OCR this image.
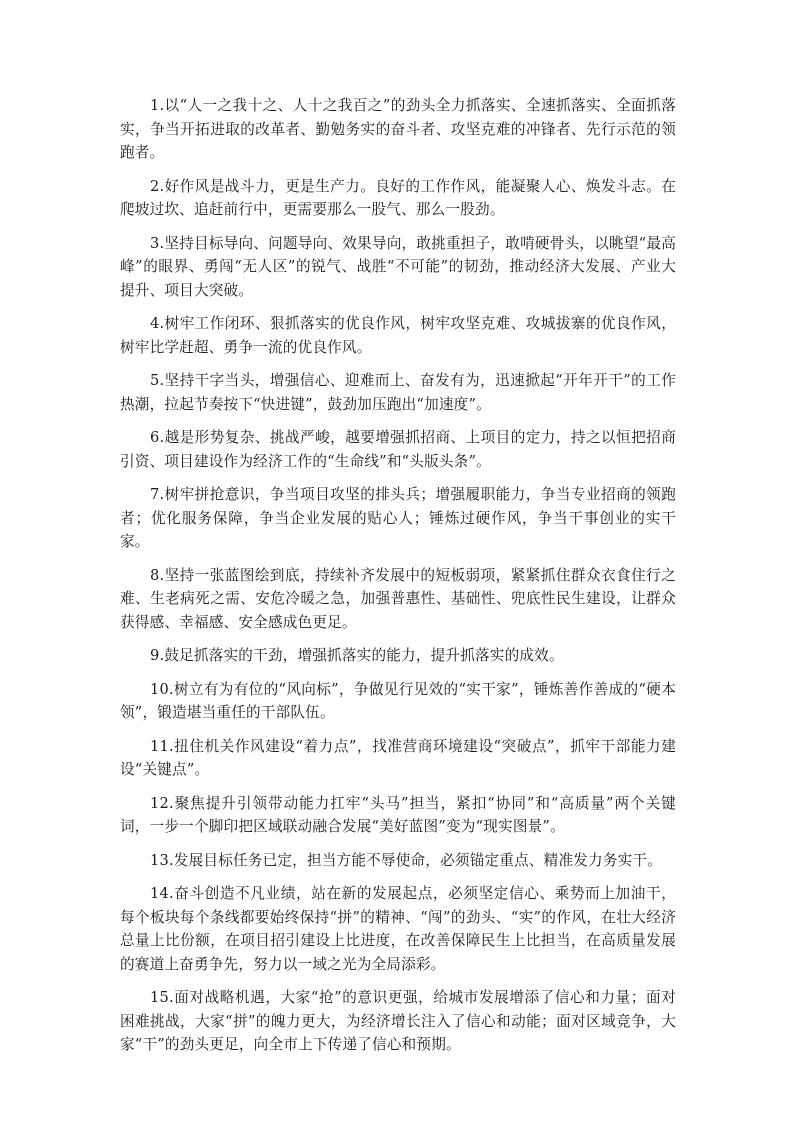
1.以“人一之我十之、人十之我百之”的劲头全力抓落实、全速抓落实、全面抓落实，争当开拓进取的改革者、勤勉务实的奋斗者、攻坚克难的冲锋者、先行示范的领跑者。

2.好作风是战斗力，更是生产力。良好的工作作风，能凝聚人心、焕发斗志。在爬坡过坎、追赶前行中，更需要那么一股气、那么一股劲。

3.坚持目标导向、问题导向、效果导向，敢挑重担子，敢啃硬骨头，以眺望“最高峰”的眼界、勇闯“无人区”的锐气、战胜“不可能”的韧劲，推动经济大发展、产业大提升、项目大突破。

4.树牢工作闭环、狠抓落实的优良作风，树牢攻坚克难、攻城拔寨的优良作风，树牢比学赶超、勇争一流的优良作风。

5.坚持干字当头，增强信心、迎难而上、奋发有为，迅速掀起“开年开干”的工作热潮，拉起节奏按下“快进键”，鼓劲加压跑出“加速度”。

6.越是形势复杂、挑战严峻，越要增强抓招商、上项目的定力，持之以恒把招商引资、项目建设作为经济工作的“生命线”和“头版头条”。

7.树牢拼抢意识，争当项目攻坚的排头兵；增强履职能力，争当专业招商的领跑者；优化服务保障，争当企业发展的贴心人；锤炼过硬作风，争当干事创业的实干家。

8.坚持一张蓝图绘到底，持续补齐发展中的短板弱项，紧紧抓住群众衣食住行之难、生老病死之需、安危冷暖之急，加强普惠性、基础性、兜底性民生建设，让群众获得感、幸福感、安全感成色更足。

9.鼓足抓落实的干劲，增强抓落实的能力，提升抓落实的成效。

10.树立有为有位的“风向标”，争做见行见效的“实干家”，锤炼善作善成的“硬本领”，锻造堪当重任的干部队伍。

11.扭住机关作风建设“着力点”，找准营商环境建设“突破点”，抓牢干部能力建设“关键点”。

12.聚焦提升引领带动能力扛牢“头马”担当，紧扣“协同”和“高质量”两个关键词，一步一个脚印把区域联动融合发展“美好蓝图”变为“现实图景”。

13.发展目标任务已定，担当方能不辱使命，必须锚定重点、精准发力务实干。

14.奋斗创造不凡业绩，站在新的发展起点，必须坚定信心、乘势而上加油干，每个板块每个条线都要始终保持“拼”的精神、“闯”的劲头、“实”的作风，在壮大经济总量上比份额，在项目招引建设上比进度，在改善保障民生上比担当，在高质量发展的赛道上奋勇争先，努力以一域之光为全局添彩。

15.面对战略机遇，大家“抢”的意识更强，给城市发展增添了信心和力量；面对困难挑战，大家“拼”的魄力更大，为经济增长注入了信心和动能；面对区域竞争，大家“干”的劲头更足，向全市上下传递了信心和预期。
